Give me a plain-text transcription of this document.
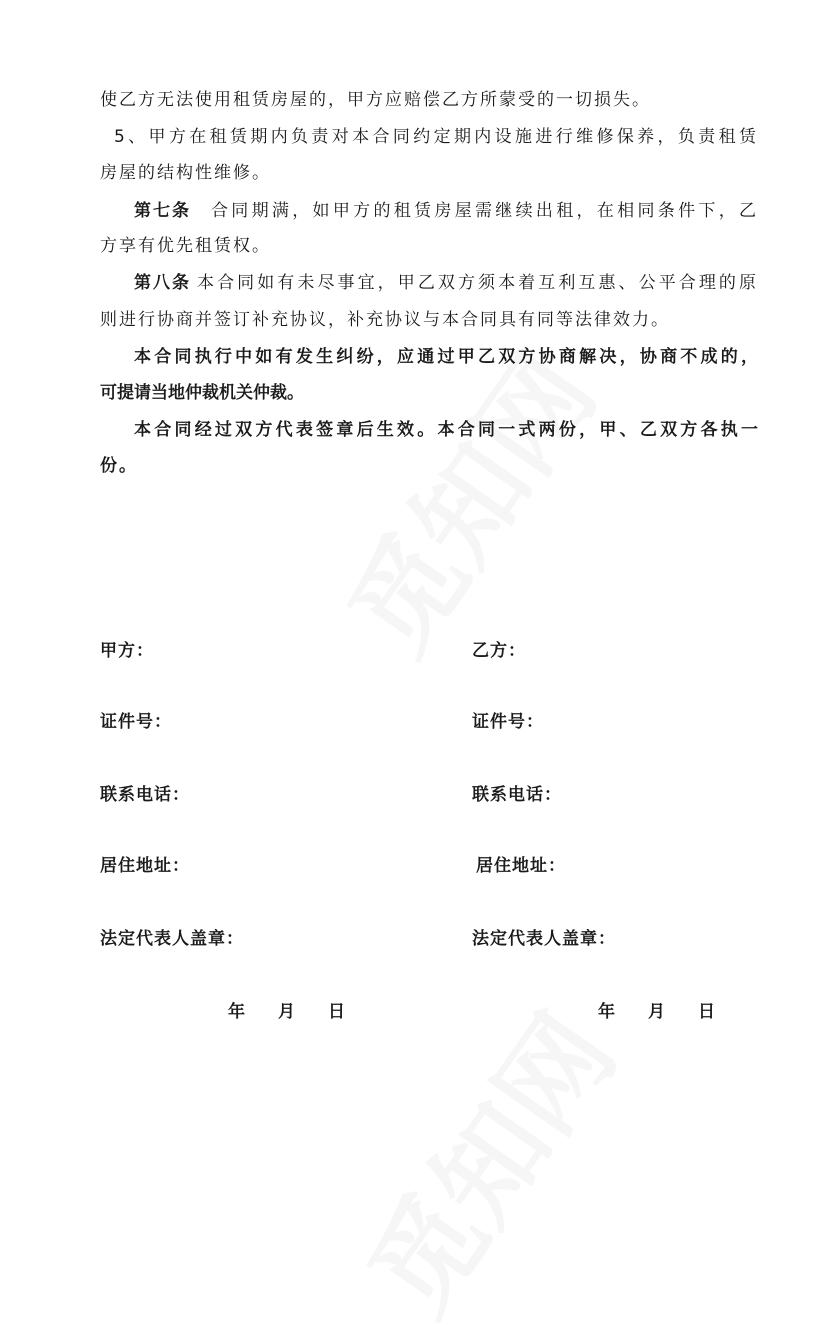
使乙方无法使用租赁房屋的，甲方应赔偿乙方所蒙受的一切损失。
5、甲方在租赁期内负责对本合同约定期内设施进行维修保养，负责租赁
房屋的结构性维修。
第七条 合同期满，如甲方的租赁房屋需继续出租，在相同条件下，乙
方享有优先租赁权。
第八条 本合同如有未尽事宜，甲乙双方须本着互利互惠、公平合理的原
则进行协商并签订补充协议，补充协议与本合同具有同等法律效力。
本合同执行中如有发生纠纷，应通过甲乙双方协商解决，协商不成的，
可提请当地仲裁机关仲裁。
本合同经过双方代表签章后生效。本合同一式两份，甲、乙双方各执一
份。
甲方：
证件号：
联系电话：
居住地址：
法定代表人盖章：
乙方：
证件号：
联系电话：
居住地址：
法定代表人盖章：
年　月　日	年　月　日
